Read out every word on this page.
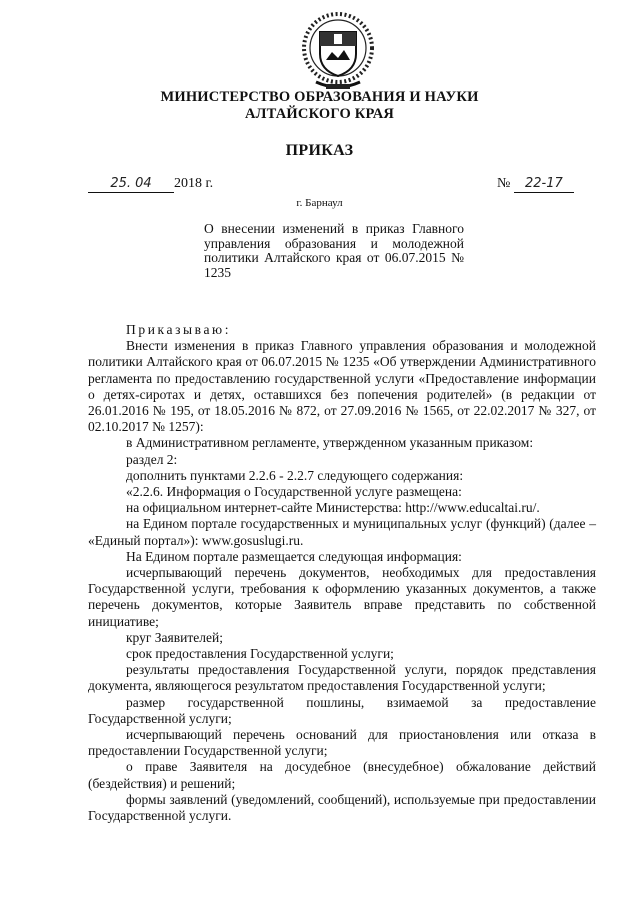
МИНИСТЕРСТВО ОБРАЗОВАНИЯ И НАУКИ
АЛТАЙСКОГО КРАЯ
ПРИКАЗ
25. 04 2018 г.	№ 22-17
г. Барнаул
О внесении изменений в приказ Главного управления образования и молодежной политики Алтайского края от 06.07.2015 № 1235

Приказываю:

Внести изменения в приказ Главного управления образования и молодежной политики Алтайского края от 06.07.2015 № 1235 «Об утверждении Административного регламента по предоставлению государственной услуги «Предоставление информации о детях-сиротах и детях, оставшихся без попечения родителей» (в редакции от 26.01.2016 № 195, от 18.05.2016 № 872, от 27.09.2016 № 1565, от 22.02.2017 № 327, от 02.10.2017 № 1257):

в Административном регламенте, утвержденном указанным приказом:

раздел 2:

дополнить пунктами 2.2.6 - 2.2.7 следующего содержания:

«2.2.6. Информация о Государственной услуге размещена:

на официальном интернет-сайте Министерства: http://www.educaltai.ru/.

на Едином портале государственных и муниципальных услуг (функций) (далее – «Единый портал»): www.gosuslugi.ru.

На Едином портале размещается следующая информация:

исчерпывающий перечень документов, необходимых для предоставления Государственной услуги, требования к оформлению указанных документов, а также перечень документов, которые Заявитель вправе представить по собственной инициативе;

круг Заявителей;

срок предоставления Государственной услуги;

результаты предоставления Государственной услуги, порядок представления документа, являющегося результатом предоставления Государственной услуги;

размер государственной пошлины, взимаемой за предоставление Государственной услуги;

исчерпывающий перечень оснований для приостановления или отказа в предоставлении Государственной услуги;

о праве Заявителя на досудебное (внесудебное) обжалование действий (бездействия) и решений;

формы заявлений (уведомлений, сообщений), используемые при предоставлении Государственной услуги.
